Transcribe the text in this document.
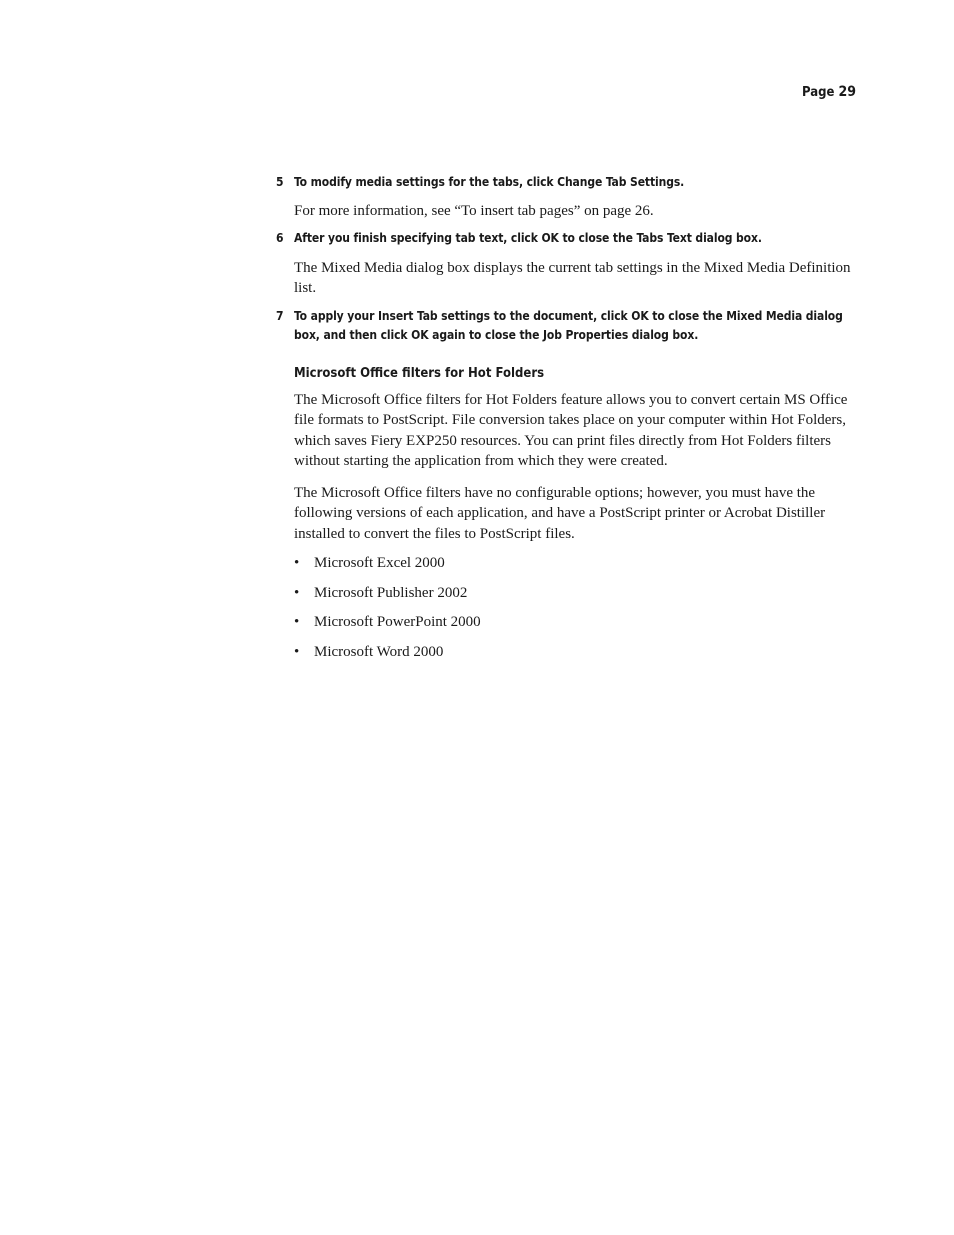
Page 29
5 To modify media settings for the tabs, click Change Tab Settings.
For more information, see “To insert tab pages” on page 26.
6 After you finish specifying tab text, click OK to close the Tabs Text dialog box.
The Mixed Media dialog box displays the current tab settings in the Mixed Media Definition list.
7 To apply your Insert Tab settings to the document, click OK to close the Mixed Media dialog box, and then click OK again to close the Job Properties dialog box.
Microsoft Office filters for Hot Folders
The Microsoft Office filters for Hot Folders feature allows you to convert certain MS Office file formats to PostScript. File conversion takes place on your computer within Hot Folders, which saves Fiery EXP250 resources. You can print files directly from Hot Folders filters without starting the application from which they were created.
The Microsoft Office filters have no configurable options; however, you must have the following versions of each application, and have a PostScript printer or Acrobat Distiller installed to convert the files to PostScript files.
• Microsoft Excel 2000
• Microsoft Publisher 2002
• Microsoft PowerPoint 2000
• Microsoft Word 2000
